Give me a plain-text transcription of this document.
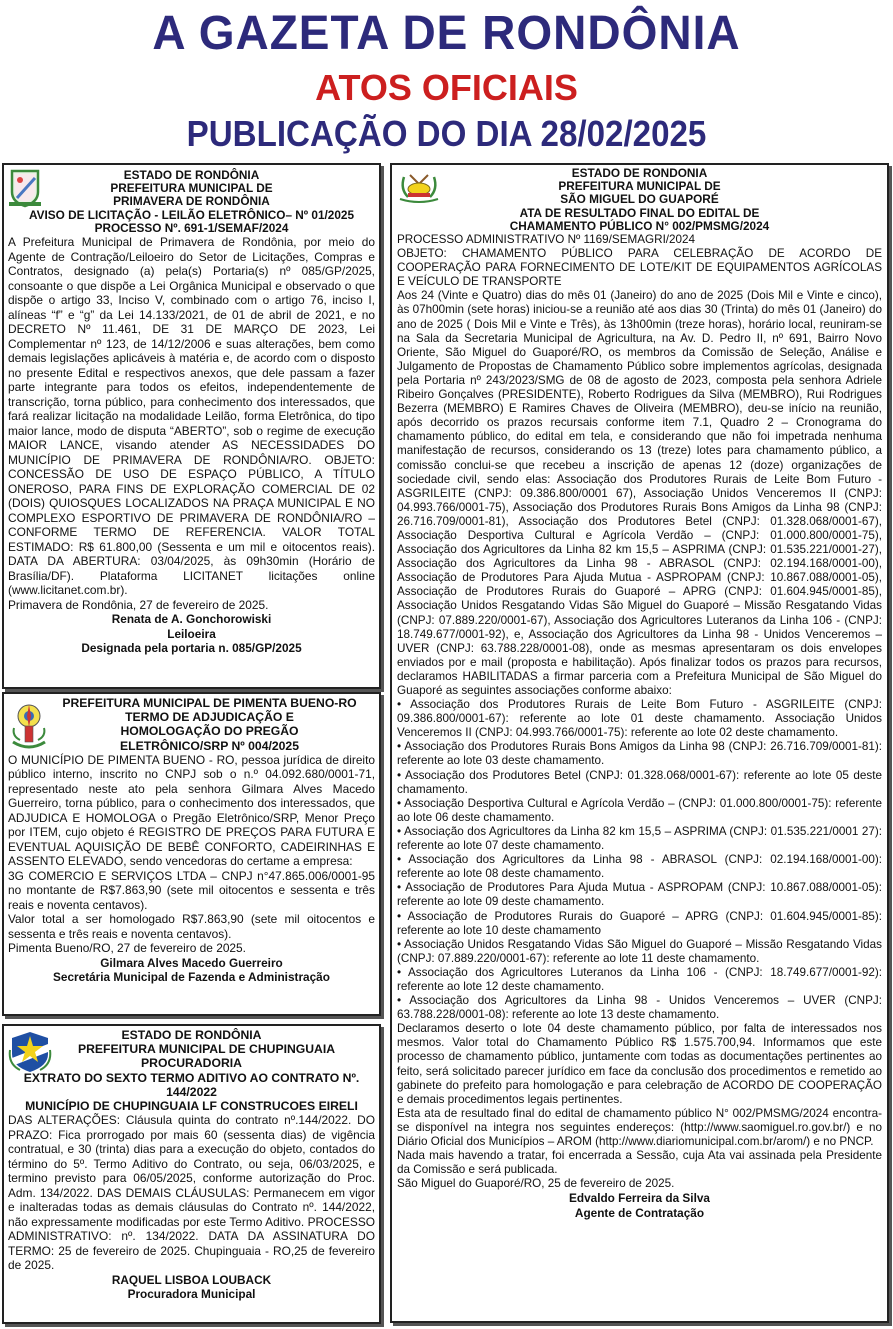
A GAZETA DE RONDÔNIA
ATOS OFICIAIS
PUBLICAÇÃO DO DIA 28/02/2025
ESTADO DE RONDÔNIA
PREFEITURA MUNICIPAL DE
PRIMAVERA DE RONDÔNIA
AVISO DE LICITAÇÃO - LEILÃO ELETRÔNICO– Nº 01/2025
PROCESSO Nº. 691-1/SEMAF/2024

A Prefeitura Municipal de Primavera de Rondônia, por meio do Agente de Contração/Leiloeiro do Setor de Licitações, Compras e Contratos, designado (a) pela(s) Portaria(s) nº 085/GP/2025, consoante o que dispõe a Lei Orgânica Municipal e observado o que dispõe o artigo 33, Inciso V, combinado com o artigo 76, inciso I, alíneas “f” e “g” da Lei 14.133/2021, de 01 de abril de 2021, e no DECRETO Nº 11.461, DE 31 DE MARÇO DE 2023, Lei Complementar nº 123, de 14/12/2006 e suas alterações, bem como demais legislações aplicáveis à matéria e, de acordo com o disposto no presente Edital e respectivos anexos, que dele passam a fazer parte integrante para todos os efeitos, independentemente de transcrição, torna público, para conhecimento dos interessados, que fará realizar licitação na modalidade Leilão, forma Eletrônica, do tipo maior lance, modo de disputa “ABERTO”, sob o regime de execução MAIOR LANCE, visando atender AS NECESSIDADES DO MUNICÍPIO DE PRIMAVERA DE RONDÔNIA/RO. OBJETO: CONCESSÃO DE USO DE ESPAÇO PÚBLICO, A TÍTULO ONEROSO, PARA FINS DE EXPLORAÇÃO COMERCIAL DE 02 (DOIS) QUIOSQUES LOCALIZADOS NA PRAÇA MUNICIPAL E NO COMPLEXO ESPORTIVO DE PRIMAVERA DE RONDÔNIA/RO – CONFORME TERMO DE REFERENCIA. VALOR TOTAL ESTIMADO: R$ 61.800,00 (Sessenta e um mil e oitocentos reais). DATA DA ABERTURA: 03/04/2025, às 09h30min (Horário de Brasília/DF). Plataforma LICITANET licitações online (www.licitanet.com.br).

Primavera de Rondônia, 27 de fevereiro de 2025.

Renata de A. Gonchorowiski
Leiloeira
Designada pela portaria n. 085/GP/2025
PREFEITURA MUNICIPAL DE PIMENTA BUENO-RO
TERMO DE ADJUDICAÇÃO E
HOMOLOGAÇÃO DO PREGÃO
ELETRÔNICO/SRP Nº 004/2025

O MUNICÍPIO DE PIMENTA BUENO - RO, pessoa jurídica de direito público interno, inscrito no CNPJ sob o n.º 04.092.680/0001-71, representado neste ato pela senhora Gilmara Alves Macedo Guerreiro, torna público, para o conhecimento dos interessados, que ADJUDICA E HOMOLOGA o Pregão Eletrônico/SRP, Menor Preço por ITEM, cujo objeto é REGISTRO DE PREÇOS PARA FUTURA E EVENTUAL AQUISIÇÃO DE BEBÊ CONFORTO, CADEIRINHAS E ASSENTO ELEVADO, sendo vencedoras do certame a empresa:

3G COMERCIO E SERVIÇOS LTDA – CNPJ n°47.865.006/0001-95 no montante de R$7.863,90 (sete mil oitocentos e sessenta e três reais e noventa centavos).

Valor total a ser homologado R$7.863,90 (sete mil oitocentos e sessenta e três reais e noventa centavos).

Pimenta Bueno/RO, 27 de fevereiro de 2025.

Gilmara Alves Macedo Guerreiro
Secretária Municipal de Fazenda e Administração
ESTADO DE RONDÔNIA
PREFEITURA MUNICIPAL DE CHUPINGUAIA
PROCURADORIA
EXTRATO DO SEXTO TERMO ADITIVO AO CONTRATO Nº. 144/2022
MUNICÍPIO DE CHUPINGUAIA LF CONSTRUCOES EIRELI

DAS ALTERAÇÕES: Cláusula quinta do contrato nº.144/2022. DO PRAZO: Fica prorrogado por mais 60 (sessenta dias) de vigência contratual, e 30 (trinta) dias para a execução do objeto, contados do término do 5º. Termo Aditivo do Contrato, ou seja, 06/03/2025, e termino previsto para 06/05/2025, conforme autorização do Proc. Adm. 134/2022. DAS DEMAIS CLÁUSULAS: Permanecem em vigor e inalteradas todas as demais cláusulas do Contrato nº. 144/2022, não expressamente modificadas por este Termo Aditivo. PROCESSO ADMINISTRATIVO: nº. 134/2022. DATA DA ASSINATURA DO TERMO: 25 de fevereiro de 2025. Chupinguaia - RO,25 de fevereiro de 2025.

RAQUEL LISBOA LOUBACK
Procuradora Municipal
ESTADO DE RONDONIA
PREFEITURA MUNICIPAL DE
SÃO MIGUEL DO GUAPORÉ
ATA DE RESULTADO FINAL DO EDITAL DE
CHAMAMENTO PÚBLICO N° 002/PMSMG/2024

PROCESSO ADMINISTRATIVO Nº 1169/SEMAGRI/2024

OBJETO: CHAMAMENTO PÚBLICO PARA CELEBRAÇÃO DE ACORDO DE COOPERAÇÃO PARA FORNECIMENTO DE LOTE/KIT DE EQUIPAMENTOS AGRÍCOLAS E VEÍCULO DE TRANSPORTE

Aos 24 (Vinte e Quatro) dias do mês 01 (Janeiro) do ano de 2025 (Dois Mil e Vinte e cinco), às 07h00min (sete horas) iniciou-se a reunião até aos dias 30 (Trinta) do mês 01 (Janeiro) do ano de 2025 ( Dois Mil e Vinte e Três), às 13h00min (treze horas), horário local, reuniram-se na Sala da Secretaria Municipal de Agricultura, na Av. D. Pedro II, nº 691, Bairro Novo Oriente, São Miguel do Guaporé/RO, os membros da Comissão de Seleção, Análise e Julgamento de Propostas de Chamamento Público sobre implementos agrícolas, designada pela Portaria nº 243/2023/SMG de 08 de agosto de 2023, composta pela senhora Adriele Ribeiro Gonçalves (PRESIDENTE), Roberto Rodrigues da Silva (MEMBRO), Rui Rodrigues Bezerra (MEMBRO) E Ramires Chaves de Oliveira (MEMBRO), deu-se início na reunião, após decorrido os prazos recursais conforme item 7.1, Quadro 2 – Cronograma do chamamento público, do edital em tela, e considerando que não foi impetrada nenhuma manifestação de recursos, considerando os 13 (treze) lotes para chamamento público, a comissão conclui-se que recebeu a inscrição de apenas 12 (doze) organizações de sociedade civil, sendo elas: Associação dos Produtores Rurais de Leite Bom Futuro - ASGRILEITE (CNPJ: 09.386.800/0001 67), Associação Unidos Venceremos II (CNPJ: 04.993.766/0001-75), Associação dos Produtores Rurais Bons Amigos da Linha 98 (CNPJ: 26.716.709/0001-81), Associação dos Produtores Betel (CNPJ: 01.328.068/0001-67), Associação Desportiva Cultural e Agrícola Verdão – (CNPJ: 01.000.800/0001-75), Associação dos Agricultores da Linha 82 km 15,5 – ASPRIMA (CNPJ: 01.535.221/0001-27), Associação dos Agricultores da Linha 98 - ABRASOL (CNPJ: 02.194.168/0001-00), Associação de Produtores Para Ajuda Mutua - ASPROPAM (CNPJ: 10.867.088/0001-05), Associação de Produtores Rurais do Guaporé – APRG (CNPJ: 01.604.945/0001-85), Associação Unidos Resgatando Vidas São Miguel do Guaporé – Missão Resgatando Vidas (CNPJ: 07.889.220/0001-67), Associação dos Agricultores Luteranos da Linha 106 - (CNPJ: 18.749.677/0001-92), e, Associação dos Agricultores da Linha 98 - Unidos Venceremos – UVER (CNPJ: 63.788.228/0001-08), onde as mesmas apresentaram os dois envelopes enviados por e mail (proposta e habilitação). Após finalizar todos os prazos para recursos, declaramos HABILITADAS a firmar parceria com a Prefeitura Municipal de São Miguel do Guaporé as seguintes associações conforme abaixo:

• Associação dos Produtores Rurais de Leite Bom Futuro - ASGRILEITE (CNPJ: 09.386.800/0001-67): referente ao lote 01 deste chamamento. Associação Unidos Venceremos II (CNPJ: 04.993.766/0001-75): referente ao lote 02 deste chamamento.

• Associação dos Produtores Rurais Bons Amigos da Linha 98 (CNPJ: 26.716.709/0001-81): referente ao lote 03 deste chamamento.

• Associação dos Produtores Betel (CNPJ: 01.328.068/0001-67): referente ao lote 05 deste chamamento.

• Associação Desportiva Cultural e Agrícola Verdão – (CNPJ: 01.000.800/0001-75): referente ao lote 06 deste chamamento.

• Associação dos Agricultores da Linha 82 km 15,5 – ASPRIMA (CNPJ: 01.535.221/0001 27): referente ao lote 07 deste chamamento.

• Associação dos Agricultores da Linha 98 - ABRASOL (CNPJ: 02.194.168/0001-00): referente ao lote 08 deste chamamento.

• Associação de Produtores Para Ajuda Mutua - ASPROPAM (CNPJ: 10.867.088/0001-05): referente ao lote 09 deste chamamento.

• Associação de Produtores Rurais do Guaporé – APRG (CNPJ: 01.604.945/0001-85): referente ao lote 10 deste chamamento

• Associação Unidos Resgatando Vidas São Miguel do Guaporé – Missão Resgatando Vidas (CNPJ: 07.889.220/0001-67): referente ao lote 11 deste chamamento.

• Associação dos Agricultores Luteranos da Linha 106 - (CNPJ: 18.749.677/0001-92): referente ao lote 12 deste chamamento.

• Associação dos Agricultores da Linha 98 - Unidos Venceremos – UVER (CNPJ: 63.788.228/0001-08): referente ao lote 13 deste chamamento.

Declaramos deserto o lote 04 deste chamamento público, por falta de interessados nos mesmos. Valor total do Chamamento Público R$ 1.575.700,94. Informamos que este processo de chamamento público, juntamente com todas as documentações pertinentes ao feito, será solicitado parecer jurídico em face da conclusão dos procedimentos e remetido ao gabinete do prefeito para homologação e para celebração de ACORDO DE COOPERAÇÃO e demais procedimentos legais pertinentes.

Esta ata de resultado final do edital de chamamento público N° 002/PMSMG/2024 encontra-se disponível na integra nos seguintes endereços: (http://www.saomiguel.ro.gov.br/) e no Diário Oficial dos Municípios – AROM (http://www.diariomunicipal.com.br/arom/) e no PNCP.

Nada mais havendo a tratar, foi encerrada a Sessão, cuja Ata vai assinada pela Presidente da Comissão e será publicada.

São Miguel do Guaporé/RO, 25 de fevereiro de 2025.

Edvaldo Ferreira da Silva
Agente de Contratação
